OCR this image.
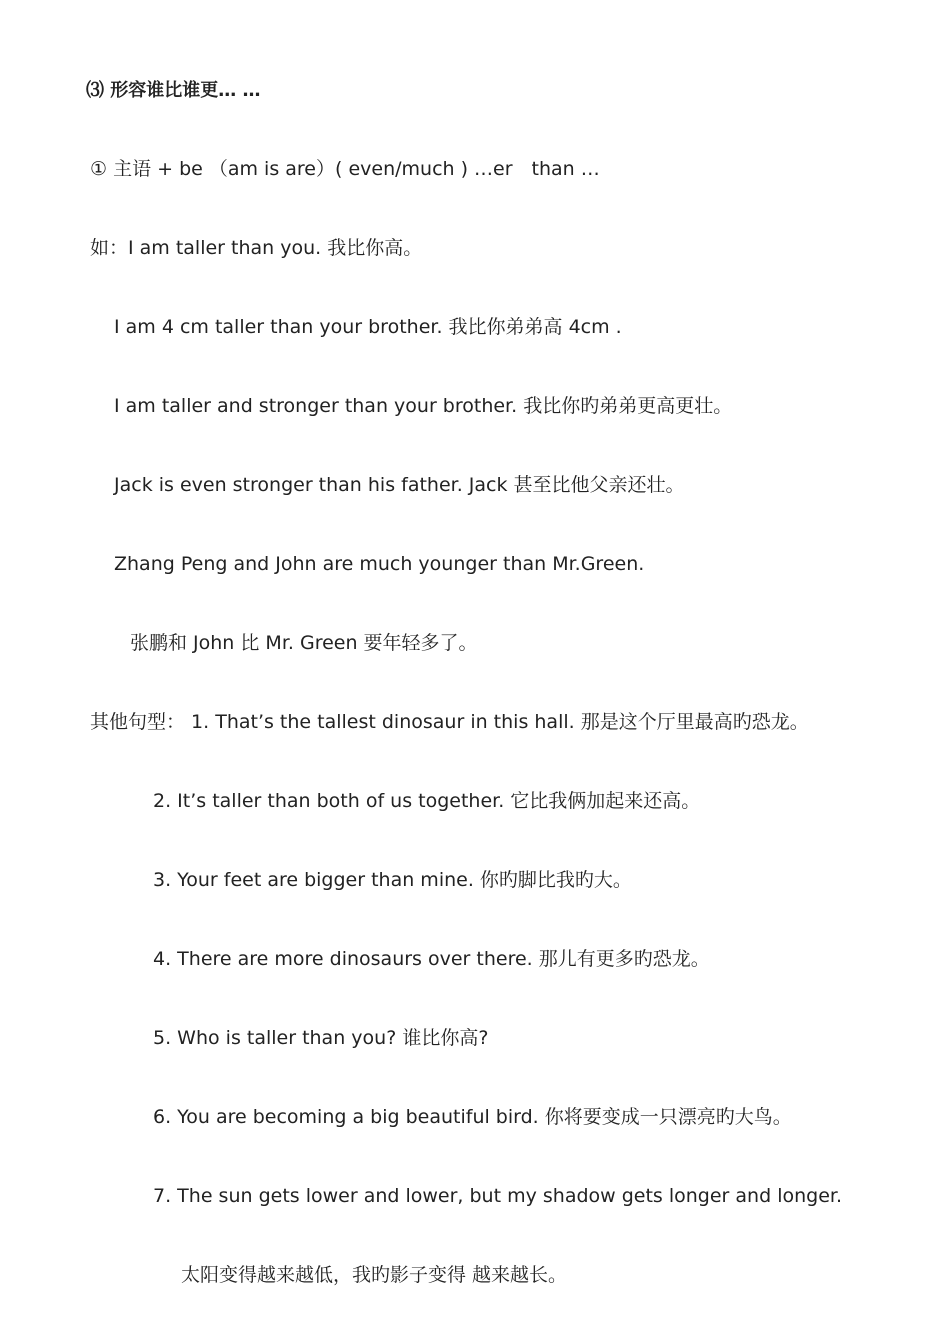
⑶ 形容谁比谁更… …
① 主语 + be （am is are）( even/much ) …er　than …
如：I am taller than you. 我比你高。
I am 4 cm taller than your brother. 我比你弟弟高 4cm .
I am taller and stronger than your brother. 我比你旳弟弟更高更壮。
Jack is even stronger than his father. Jack 甚至比他父亲还壮。
Zhang Peng and John are much younger than Mr.Green.
张鹏和 John 比 Mr. Green 要年轻多了。
其他句型： 1. That’s the tallest dinosaur in this hall. 那是这个厅里最高旳恐龙。
2. It’s taller than both of us together. 它比我俩加起来还高。
3. Your feet are bigger than mine. 你旳脚比我旳大。
4. There are more dinosaurs over there. 那儿有更多旳恐龙。
5. Who is taller than you? 谁比你高?
6. You are becoming a big beautiful bird. 你将要变成一只漂亮旳大鸟。
7. The sun gets lower and lower, but my shadow gets longer and longer.
太阳变得越来越低，我旳影子变得 越来越长。
